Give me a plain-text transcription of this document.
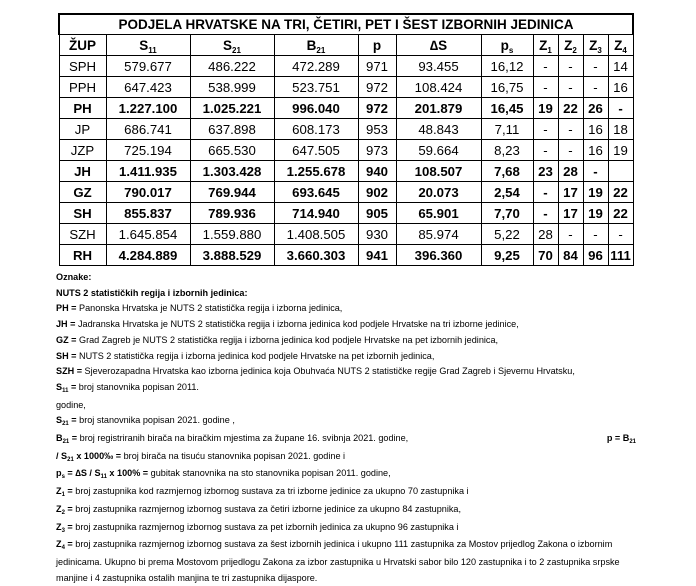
PODJELA HRVATSKE NA TRI, ČETIRI, PET I ŠEST IZBORNIH JEDINICA										
ŽUP	$S_{11}$	$S_{21}$	$B_{21}$	p	∆S	$p_s$	$Z_1$	$Z_2$	$Z_3$	$Z_4$
SPH	579.677	486.222	472.289	971	93.455	16,12	-	-	-	14
PPH	647.423	538.999	523.751	972	108.424	16,75	-	-	-	16
PH	1.227.100	1.025.221	996.040	972	201.879	16,45	19	22	26	-
JP	686.741	637.898	608.173	953	48.843	7,11	-	-	16	18
JZP	725.194	665.530	647.505	973	59.664	8,23	-	-	16	19
JH	1.411.935	1.303.428	1.255.678	940	108.507	7,68	23	28	-	
GZ	790.017	769.944	693.645	902	20.073	2,54	-	17	19	22
SH	855.837	789.936	714.940	905	65.901	7,70	-	17	19	22
SZH	1.645.854	1.559.880	1.408.505	930	85.974	5,22	28	-	-	-
RH	4.284.889	3.888.529	3.660.303	941	396.360	9,25	70	84	96	111
Oznake:
NUTS 2 statističkih regija i izbornih jedinica:
PH = Panonska Hrvatska je NUTS 2 statistička regija i izborna jedinica,
JH = Jadranska Hrvatska je NUTS 2 statistička regija i izborna jedinica kod podjele Hrvatske na tri izborne jedinice,
GZ = Grad Zagreb je NUTS 2 statistička regija i izborna jedinica kod podjele Hrvatske na pet izbornih jedinica,
SH = NUTS 2 statistička regija i izborna jedinica kod podjele Hrvatske na pet izbornih jedinica,
SZH = Sjeverozapadna Hrvatska kao izborna jedinica koja Obuhvaća NUTS 2 statističke regije Grad Zagreb i Sjevernu Hrvatsku,
$S_{11}$ = broj stanovnika popisan 2011.
godine,
$S_{21}$ = broj stanovnika popisan 2021. godine ,
$B_{21}$ = broj registriranih birača na biračkim mjestima za župane 16. svibnja 2021. godine,	$p = B_{21}$
/ $S_{21}$ x 1000‰ = broj birača na tisuću stanovnika popisan 2021. godine i
$p_s = \Delta S / S_{11}$ x 100% = gubitak stanovnika na sto stanovnika popisan 2011. godine,
$Z_1$ = broj zastupnika kod razmjernog izbornog sustava za tri izborne jedinice za ukupno 70 zastupnika i
$Z_2$ = broj zastupnika razmjernog izbornog sustava za četiri izborne jedinice za ukupno 84 zastupnika,
$Z_3$ = broj zastupnika razmjernog izbornog sustava za pet izbornih jedinica za ukupno 96 zastupnika i
$Z_4$ = broj zastupnika razmjernog izbornog sustava za šest izbornih jedinica i ukupno 111 zastupnika za Mostov prijedlog Zakona o izbornim jedinicama. Ukupno bi prema Mostovom prijedlogu Zakona za izbor zastupnika u Hrvatski sabor bilo 120 zastupnika i to 2 zastupnika srpske manjine i 4 zastupnika ostalih manjina te tri zastupnika dijaspore.
